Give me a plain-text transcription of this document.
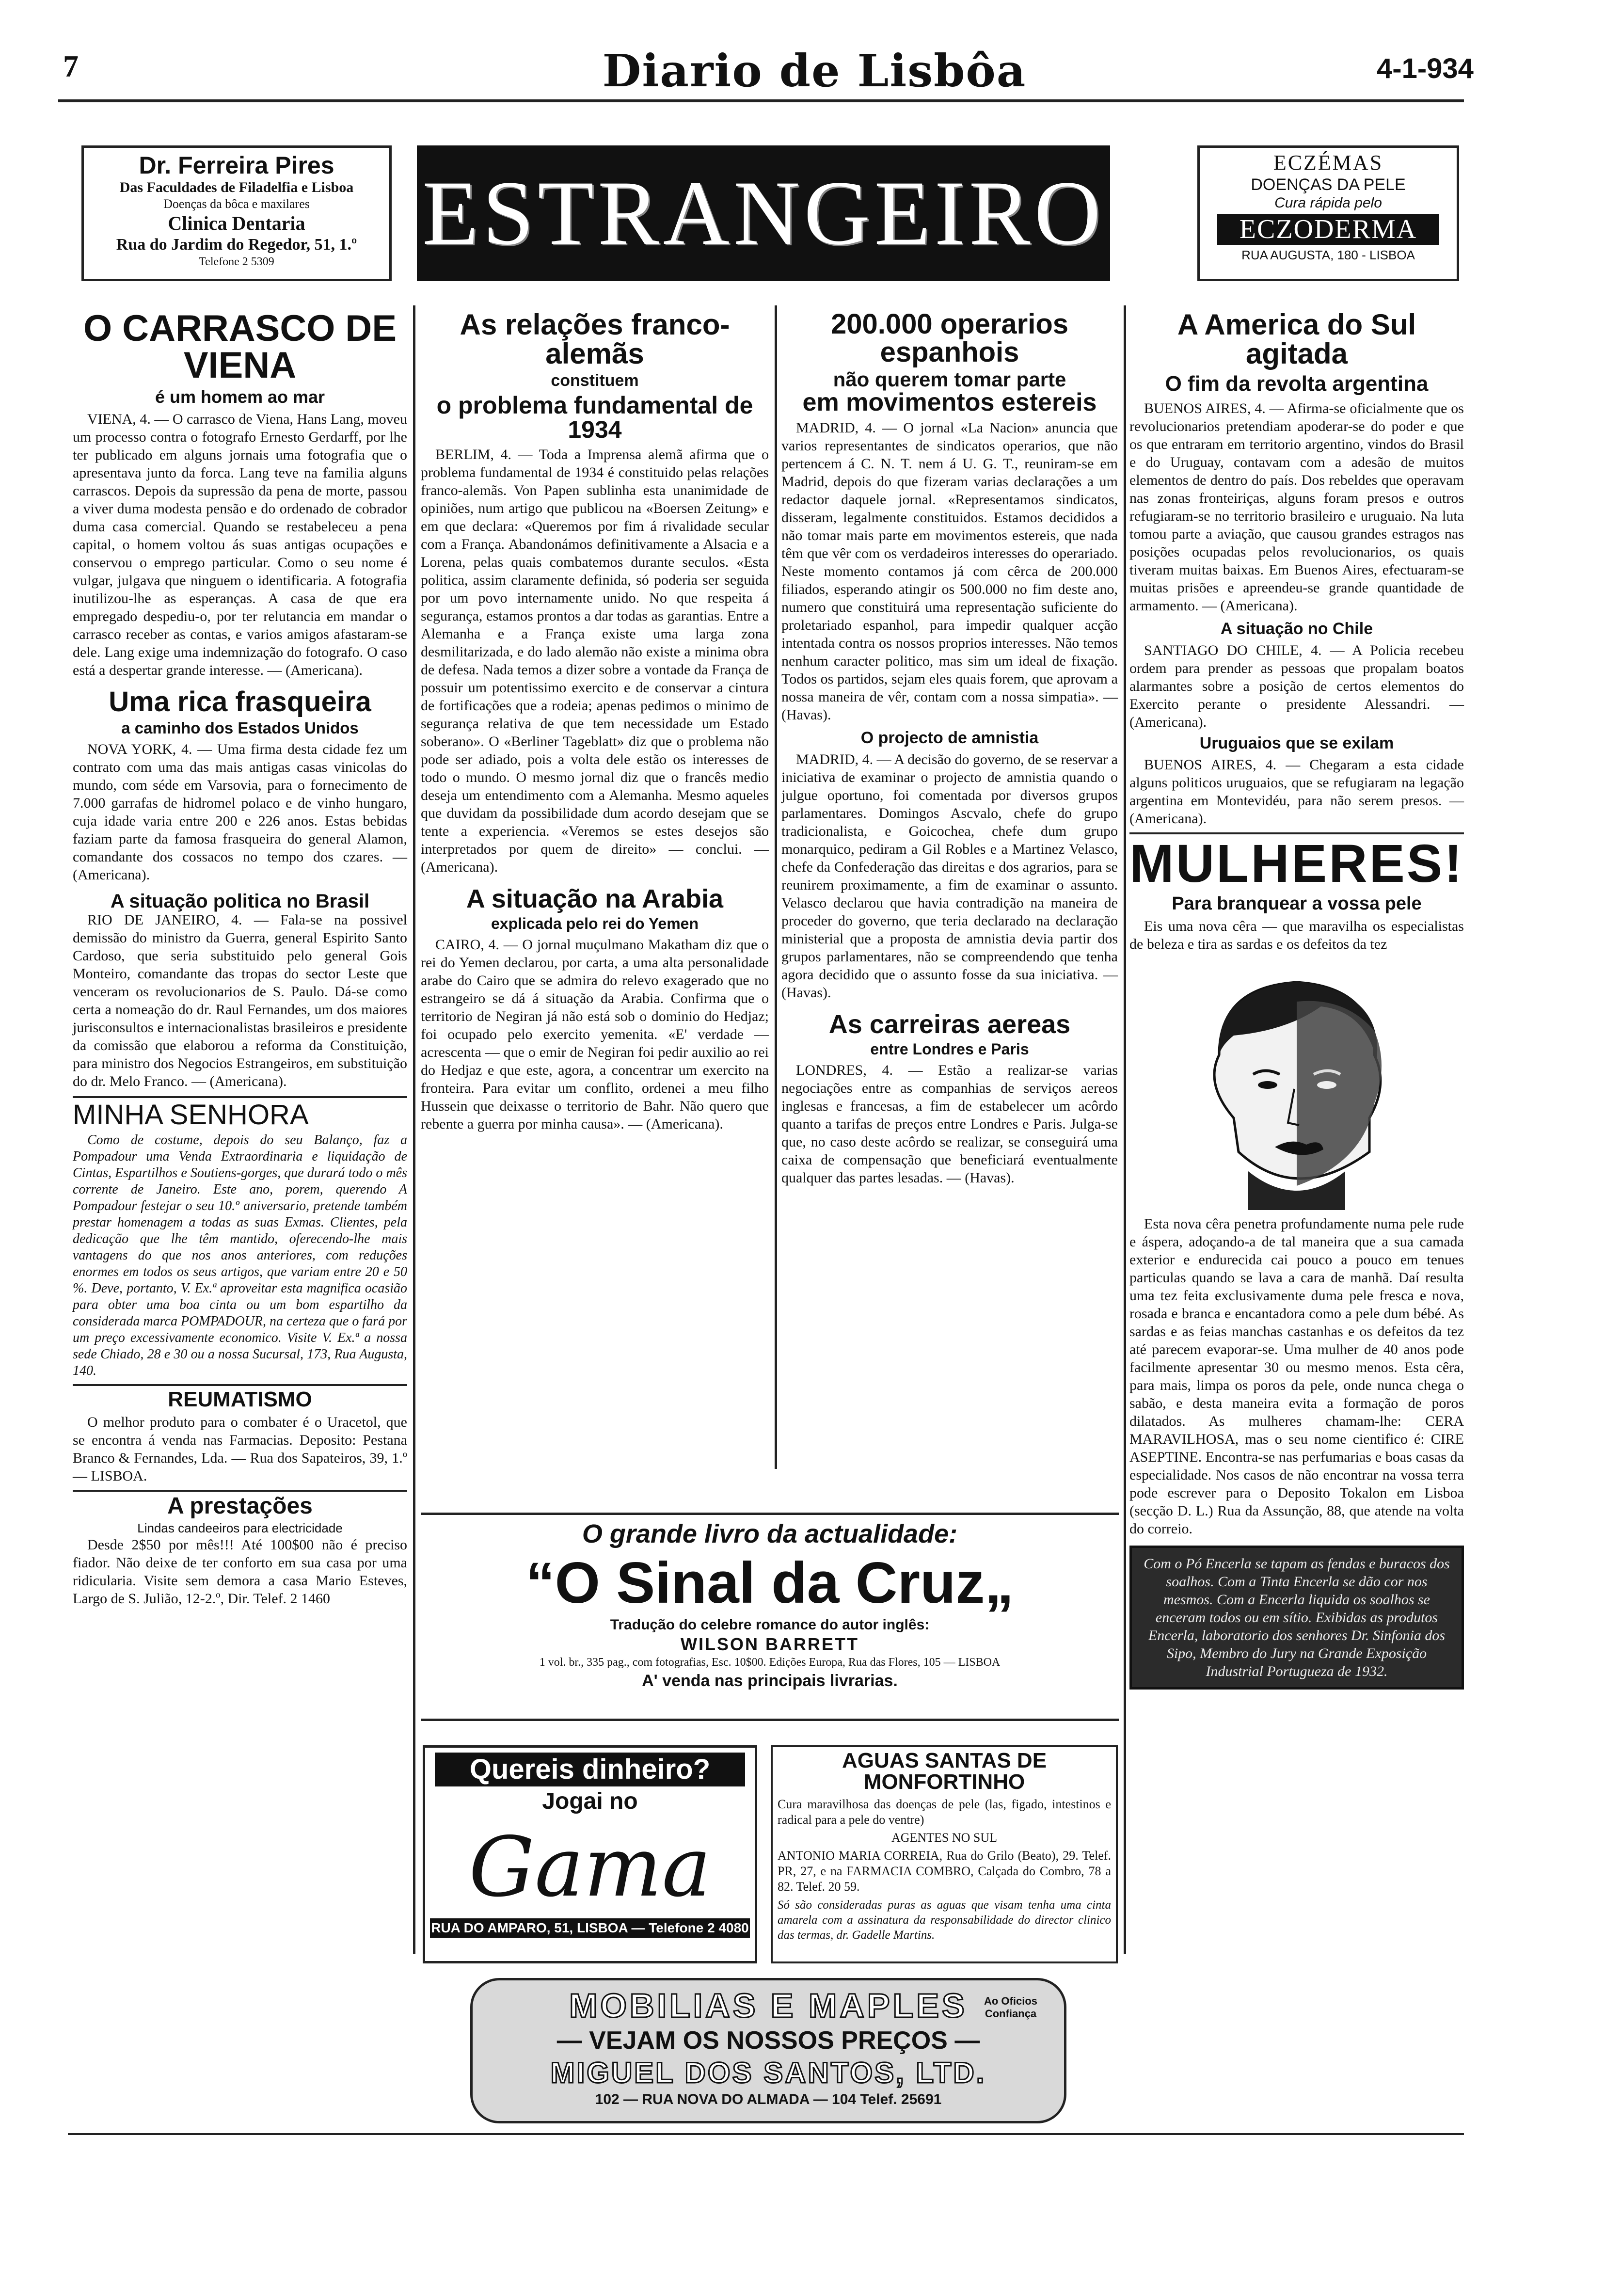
7	Diario de Lisbôa	4-1-934
Dr. Ferreira Pires
Das Faculdades de Filadelfia e Lisboa
Doenças da bôca e maxilares
Clinica Dentaria
Rua do Jardim do Regedor, 51, 1.º
Telefone 2 5309	ESTRANGEIRO	ECZÉMAS
DOENÇAS DA PELE
Cura rápida pelo
ECZODERMA
RUA AUGUSTA, 180 - LISBOA
O CARRASCO DE VIENA
é um homem ao mar
VIENA, 4. — O carrasco de Viena, Hans Lang, moveu um processo contra o fotografo Ernesto Gerdarff, por lhe ter publicado em alguns jornais uma fotografia que o apresentava junto da forca. Lang teve na familia alguns carrascos. Depois da supressão da pena de morte, passou a viver duma modesta pensão e do ordenado de cobrador duma casa comercial. Quando se restabeleceu a pena capital, o homem voltou ás suas antigas ocupações e conservou o emprego particular. Como o seu nome é vulgar, julgava que ninguem o identificaria. A fotografia inutilizou-lhe as esperanças. A casa de que era empregado despediu-o, por ter relutancia em mandar o carrasco receber as contas, e varios amigos afastaram-se dele. Lang exige uma indemnização do fotografo. O caso está a despertar grande interesse. — (Americana).
Uma rica frasqueira
a caminho dos Estados Unidos
NOVA YORK, 4. — Uma firma desta cidade fez um contrato com uma das mais antigas casas vinicolas do mundo, com séde em Varsovia, para o fornecimento de 7.000 garrafas de hidromel polaco e de vinho hungaro, cuja idade varia entre 200 e 226 anos. Estas bebidas faziam parte da famosa frasqueira do general Alamon, comandante dos cossacos no tempo dos czares. — (Americana).
A situação politica no Brasil
RIO DE JANEIRO, 4. — Fala-se na possivel demissão do ministro da Guerra, general Espirito Santo Cardoso, que seria substituido pelo general Gois Monteiro, comandante das tropas do sector Leste que venceram os revolucionarios de S. Paulo. Dá-se como certa a nomeação do dr. Raul Fernandes, um dos maiores jurisconsultos e internacionalistas brasileiros e presidente da comissão que elaborou a reforma da Constituição, para ministro dos Negocios Estrangeiros, em substituição do dr. Melo Franco. — (Americana).
MINHA SENHORA
Como de costume, depois do seu Balanço, faz a Pompadour uma Venda Extraordinaria e liquidação de Cintas, Espartilhos e Soutiens-gorges, que durará todo o mês corrente de Janeiro. Este ano, porem, querendo A Pompadour festejar o seu 10.º aniversario, pretende também prestar homenagem a todas as suas Exmas. Clientes, pela dedicação que lhe têm mantido, oferecendo-lhe mais vantagens do que nos anos anteriores, com reduções enormes em todos os seus artigos, que variam entre 20 e 50 %. Deve, portanto, V. Ex.ª aproveitar esta magnifica ocasião para obter uma boa cinta ou um bom espartilho da considerada marca POMPADOUR, na certeza que o fará por um preço excessivamente economico. Visite V. Ex.ª a nossa sede Chiado, 28 e 30 ou a nossa Sucursal, 173, Rua Augusta, 140.
REUMATISMO
O melhor produto para o combater é o Uracetol, que se encontra á venda nas Farmacias. Deposito: Pestana Branco & Fernandes, Lda. — Rua dos Sapateiros, 39, 1.º — LISBOA.
A prestações
Lindas candeeiros para electricidade
Desde 2$50 por mês!!! Até 100$00 não é preciso fiador. Não deixe de ter conforto em sua casa por uma ridicularia. Visite sem demora a casa Mario Esteves, Largo de S. Julião, 12-2.º, Dir. Telef. 2 1460
As relações franco-alemãs
constituem
o problema fundamental de 1934
BERLIM, 4. — Toda a Imprensa alemã afirma que o problema fundamental de 1934 é constituido pelas relações franco-alemãs. Von Papen sublinha esta unanimidade de opiniões, num artigo que publicou na «Boersen Zeitung» e em que declara: «Queremos por fim á rivalidade secular com a França. Abandonámos definitivamente a Alsacia e a Lorena, pelas quais combatemos durante seculos. «Esta politica, assim claramente definida, só poderia ser seguida por um povo internamente unido. No que respeita á segurança, estamos prontos a dar todas as garantias. Entre a Alemanha e a França existe uma larga zona desmilitarizada, e do lado alemão não existe a minima obra de defesa. Nada temos a dizer sobre a vontade da França de possuir um potentissimo exercito e de conservar a cintura de fortificações que a rodeia; apenas pedimos o minimo de segurança relativa de que tem necessidade um Estado soberano». O «Berliner Tageblatt» diz que o problema não pode ser adiado, pois a volta dele estão os interesses de todo o mundo. O mesmo jornal diz que o francês medio deseja um entendimento com a Alemanha. Mesmo aqueles que duvidam da possibilidade dum acordo desejam que se tente a experiencia. «Veremos se estes desejos são interpretados por quem de direito» — conclui. — (Americana).
A situação na Arabia
explicada pelo rei do Yemen
CAIRO, 4. — O jornal muçulmano Makatham diz que o rei do Yemen declarou, por carta, a uma alta personalidade arabe do Cairo que se admira do relevo exagerado que no estrangeiro se dá á situação da Arabia. Confirma que o territorio de Negiran já não está sob o dominio do Hedjaz; foi ocupado pelo exercito yemenita. «E' verdade — acrescenta — que o emir de Negiran foi pedir auxilio ao rei do Hedjaz e que este, agora, a concentrar um exercito na fronteira. Para evitar um conflito, ordenei a meu filho Hussein que deixasse o territorio de Bahr. Não quero que rebente a guerra por minha causa». — (Americana).
200.000 operarios espanhois
não querem tomar parte
em movimentos estereis
MADRID, 4. — O jornal «La Nacion» anuncia que varios representantes de sindicatos operarios, que não pertencem á C. N. T. nem á U. G. T., reuniram-se em Madrid, depois do que fizeram varias declarações a um redactor daquele jornal. «Representamos sindicatos, disseram, legalmente constituidos. Estamos decididos a não tomar mais parte em movimentos estereis, que nada têm que vêr com os verdadeiros interesses do operariado. Neste momento contamos já com cêrca de 200.000 filiados, esperando atingir os 500.000 no fim deste ano, numero que constituirá uma representação suficiente do proletariado espanhol, para impedir qualquer acção intentada contra os nossos proprios interesses. Não temos nenhum caracter politico, mas sim um ideal de fixação. Todos os partidos, sejam eles quais forem, que aprovam a nossa maneira de vêr, contam com a nossa simpatia». — (Havas).
O projecto de amnistia
MADRID, 4. — A decisão do governo, de se reservar a iniciativa de examinar o projecto de amnistia quando o julgue oportuno, foi comentada por diversos grupos parlamentares. Domingos Ascvalo, chefe do grupo tradicionalista, e Goicochea, chefe dum grupo monarquico, pediram a Gil Robles e a Martinez Velasco, chefe da Confederação das direitas e dos agrarios, para se reunirem proximamente, a fim de examinar o assunto. Velasco declarou que havia contradição na maneira de proceder do governo, que teria declarado na declaração ministerial que a proposta de amnistia devia partir dos grupos parlamentares, não se compreendendo que tenha agora decidido que o assunto fosse da sua iniciativa. — (Havas).
As carreiras aereas
entre Londres e Paris
LONDRES, 4. — Estão a realizar-se varias negociações entre as companhias de serviços aereos inglesas e francesas, a fim de estabelecer um acôrdo quanto a tarifas de preços entre Londres e Paris. Julga-se que, no caso deste acôrdo se realizar, se conseguirá uma caixa de compensação que beneficiará eventualmente qualquer das partes lesadas. — (Havas).
A America do Sul agitada
O fim da revolta argentina
BUENOS AIRES, 4. — Afirma-se oficialmente que os revolucionarios pretendiam apoderar-se do poder e que os que entraram em territorio argentino, vindos do Brasil e do Uruguay, contavam com a adesão de muitos elementos de dentro do país. Dos rebeldes que operavam nas zonas fronteiriças, alguns foram presos e outros refugiaram-se no territorio brasileiro e uruguaio. Na luta tomou parte a aviação, que causou grandes estragos nas posições ocupadas pelos revolucionarios, os quais tiveram muitas baixas. Em Buenos Aires, efectuaram-se muitas prisões e apreendeu-se grande quantidade de armamento. — (Americana).
A situação no Chile
SANTIAGO DO CHILE, 4. — A Policia recebeu ordem para prender as pessoas que propalam boatos alarmantes sobre a posição de certos elementos do Exercito perante o presidente Alessandri. — (Americana).
Uruguaios que se exilam
BUENOS AIRES, 4. — Chegaram a esta cidade alguns politicos uruguaios, que se refugiaram na legação argentina em Montevidéu, para não serem presos. — (Americana).
MULHERES!
Para branquear a vossa pele
Eis uma nova cêra — que maravilha os especialistas de beleza e tira as sardas e os defeitos da tez
Esta nova cêra penetra profundamente numa pele rude e áspera, adoçando-a de tal maneira que a sua camada exterior e endurecida cai pouco a pouco em tenues particulas quando se lava a cara de manhã. Daí resulta uma tez feita exclusivamente duma pele fresca e nova, rosada e branca e encantadora como a pele dum bébé. As sardas e as feias manchas castanhas e os defeitos da tez até parecem evaporar-se. Uma mulher de 40 anos pode facilmente apresentar 30 ou mesmo menos. Esta cêra, para mais, limpa os poros da pele, onde nunca chega o sabão, e desta maneira evita a formação de poros dilatados. As mulheres chamam-lhe: CERA MARAVILHOSA, mas o seu nome cientifico é: CIRE ASEPTINE. Encontra-se nas perfumarias e boas casas da especialidade. Nos casos de não encontrar na vossa terra pode escrever para o Deposito Tokalon em Lisboa (secção D. L.) Rua da Assunção, 88, que atende na volta do correio.
Com o Pó Encerla se tapam as fendas e buracos dos soalhos. Com a Tinta Encerla se dão cor nos mesmos. Com a Encerla liquida os soalhos se enceram todos ou em sítio. Exibidas as produtos Encerla, laboratorio dos senhores Dr. Sinfonia dos Sipo, Membro do Jury na Grande Exposição Industrial Portugueza de 1932.
O grande livro da actualidade:
“O Sinal da Cruz„
Tradução do celebre romance do autor inglês:
WILSON BARRETT
1 vol. br., 335 pag., com fotografias, Esc. 10$00. Edições Europa, Rua das Flores, 105 — LISBOA
A' venda nas principais livrarias.
Quereis dinheiro?
Jogai no
Gama
RUA DO AMPARO, 51, LISBOA — Telefone 2 4080
AGUAS SANTAS DE MONFORTINHO
Cura maravilhosa das doenças de pele (las, figado, intestinos e radical para a pele do ventre)
AGENTES NO SUL
ANTONIO MARIA CORREIA, Rua do Grilo (Beato), 29. Telef. PR, 27, e na FARMACIA COMBRO, Calçada do Combro, 78 a 82. Telef. 20 59.
Só são consideradas puras as aguas que visam tenha uma cinta amarela com a assinatura da responsabilidade do director clinico das termas, dr. Gadelle Martins.
MOBILIAS E MAPLES	Ao Oficios Confiança
— VEJAM OS NOSSOS PREÇOS —
MIGUEL DOS SANTOS, LTD.
102 — RUA NOVA DO ALMADA — 104 Telef. 25691
